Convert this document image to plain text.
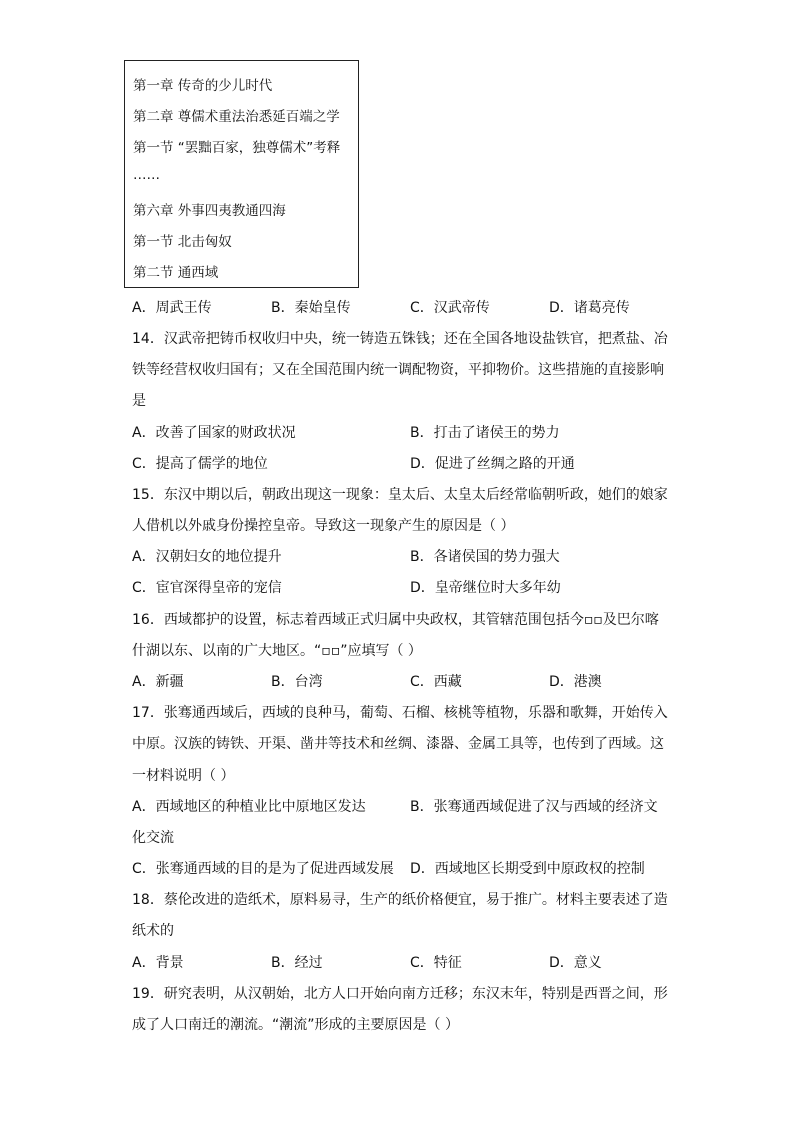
第一章 传奇的少儿时代
第二章 尊儒术重法治悉延百端之学
第一节 “罢黜百家，独尊儒术”考释
……
第六章 外事四夷教通四海
第一节 北击匈奴
第二节 通西域
A．周武王传	B．秦始皇传	C．汉武帝传	D．诸葛亮传
14．汉武帝把铸币权收归中央，统一铸造五铢钱；还在全国各地设盐铁官，把煮盐、冶
铁等经营权收归国有；又在全国范围内统一调配物资，平抑物价。这些措施的直接影响
是
A．改善了国家的财政状况	B．打击了诸侯王的势力
C．提高了儒学的地位	D．促进了丝绸之路的开通
15．东汉中期以后，朝政出现这一现象：皇太后、太皇太后经常临朝听政，她们的娘家
人借机以外戚身份操控皇帝。导致这一现象产生的原因是（ ）
A．汉朝妇女的地位提升	B．各诸侯国的势力强大
C．宦官深得皇帝的宠信	D．皇帝继位时大多年幼
16．西域都护的设置，标志着西域正式归属中央政权，其管辖范围包括今▫▫及巴尔喀
什湖以东、以南的广大地区。“▫▫”应填写（ ）
A．新疆	B．台湾	C．西藏	D．港澳
17．张骞通西域后，西域的良种马，葡萄、石榴、核桃等植物，乐器和歌舞，开始传入
中原。汉族的铸铁、开渠、凿井等技术和丝绸、漆器、金属工具等，也传到了西域。这
一材料说明（ ）
A．西域地区的种植业比中原地区发达	B．张骞通西域促进了汉与西域的经济文
化交流
C．张骞通西域的目的是为了促进西域发展 D．西域地区长期受到中原政权的控制
18．蔡伦改进的造纸术，原料易寻，生产的纸价格便宜，易于推广。材料主要表述了造
纸术的
A．背景	B．经过	C．特征	D．意义
19．研究表明，从汉朝始，北方人口开始向南方迁移；东汉末年，特别是西晋之间，形
成了人口南迁的潮流。“潮流”形成的主要原因是（ ）
